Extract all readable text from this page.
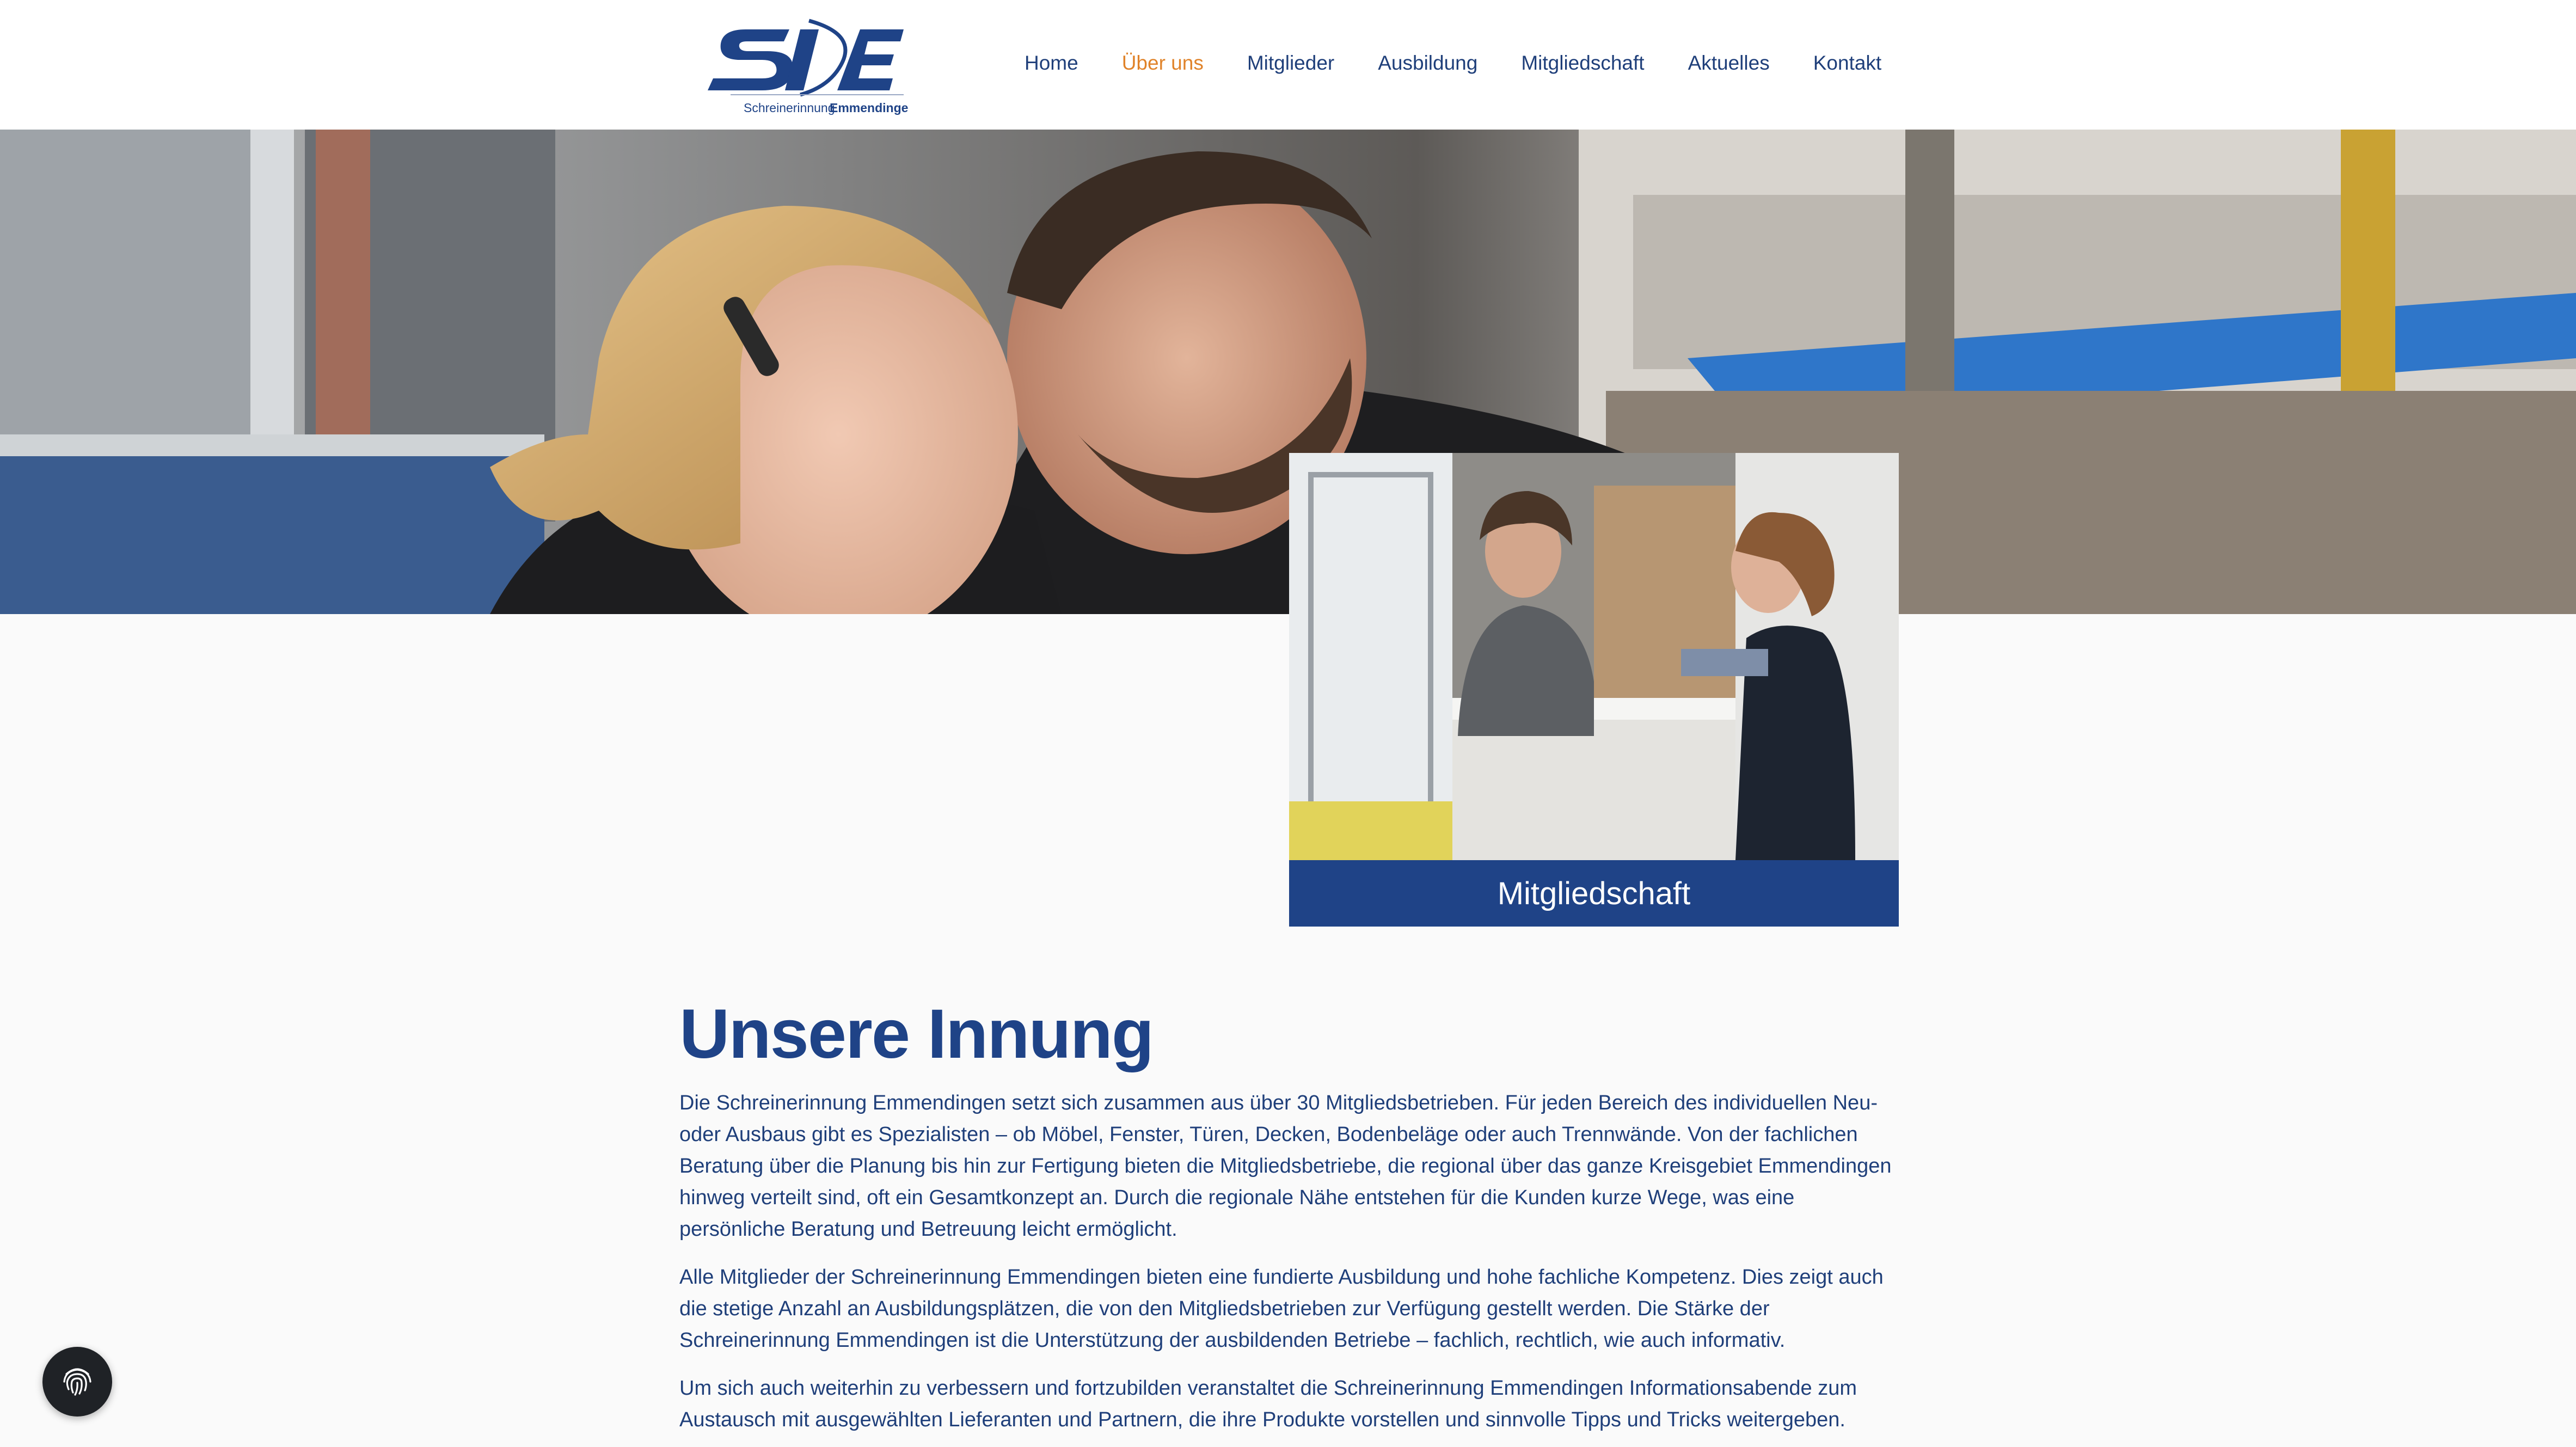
Schreinerinnung
Emmendingen
Home Über uns Mitglieder Ausbildung Mitgliedschaft Aktuelles Kontakt
Mitgliedschaft
Unsere Innung

Die Schreinerinnung Emmendingen setzt sich zusammen aus über 30 Mitgliedsbetrieben. Für jeden Bereich des individuellen Neu- oder Ausbaus gibt es Spezialisten – ob Möbel, Fenster, Türen, Decken, Bodenbeläge oder auch Trennwände. Von der fachlichen Beratung über die Planung bis hin zur Fertigung bieten die Mitgliedsbetriebe, die regional über das ganze Kreisgebiet Emmendingen hinweg verteilt sind, oft ein Gesamtkonzept an. Durch die regionale Nähe entstehen für die Kunden kurze Wege, was eine persönliche Beratung und Betreuung leicht ermöglicht.

Alle Mitglieder der Schreinerinnung Emmendingen bieten eine fundierte Ausbildung und hohe fachliche Kompetenz. Dies zeigt auch die stetige Anzahl an Ausbildungsplätzen, die von den Mitgliedsbetrieben zur Verfügung gestellt werden. Die Stärke der Schreinerinnung Emmendingen ist die Unterstützung der ausbildenden Betriebe – fachlich, rechtlich, wie auch informativ.

Um sich auch weiterhin zu verbessern und fortzubilden veranstaltet die Schreinerinnung Emmendingen Informationsabende zum Austausch mit ausgewählten Lieferanten und Partnern, die ihre Produkte vorstellen und sinnvolle Tipps und Tricks weitergeben.
